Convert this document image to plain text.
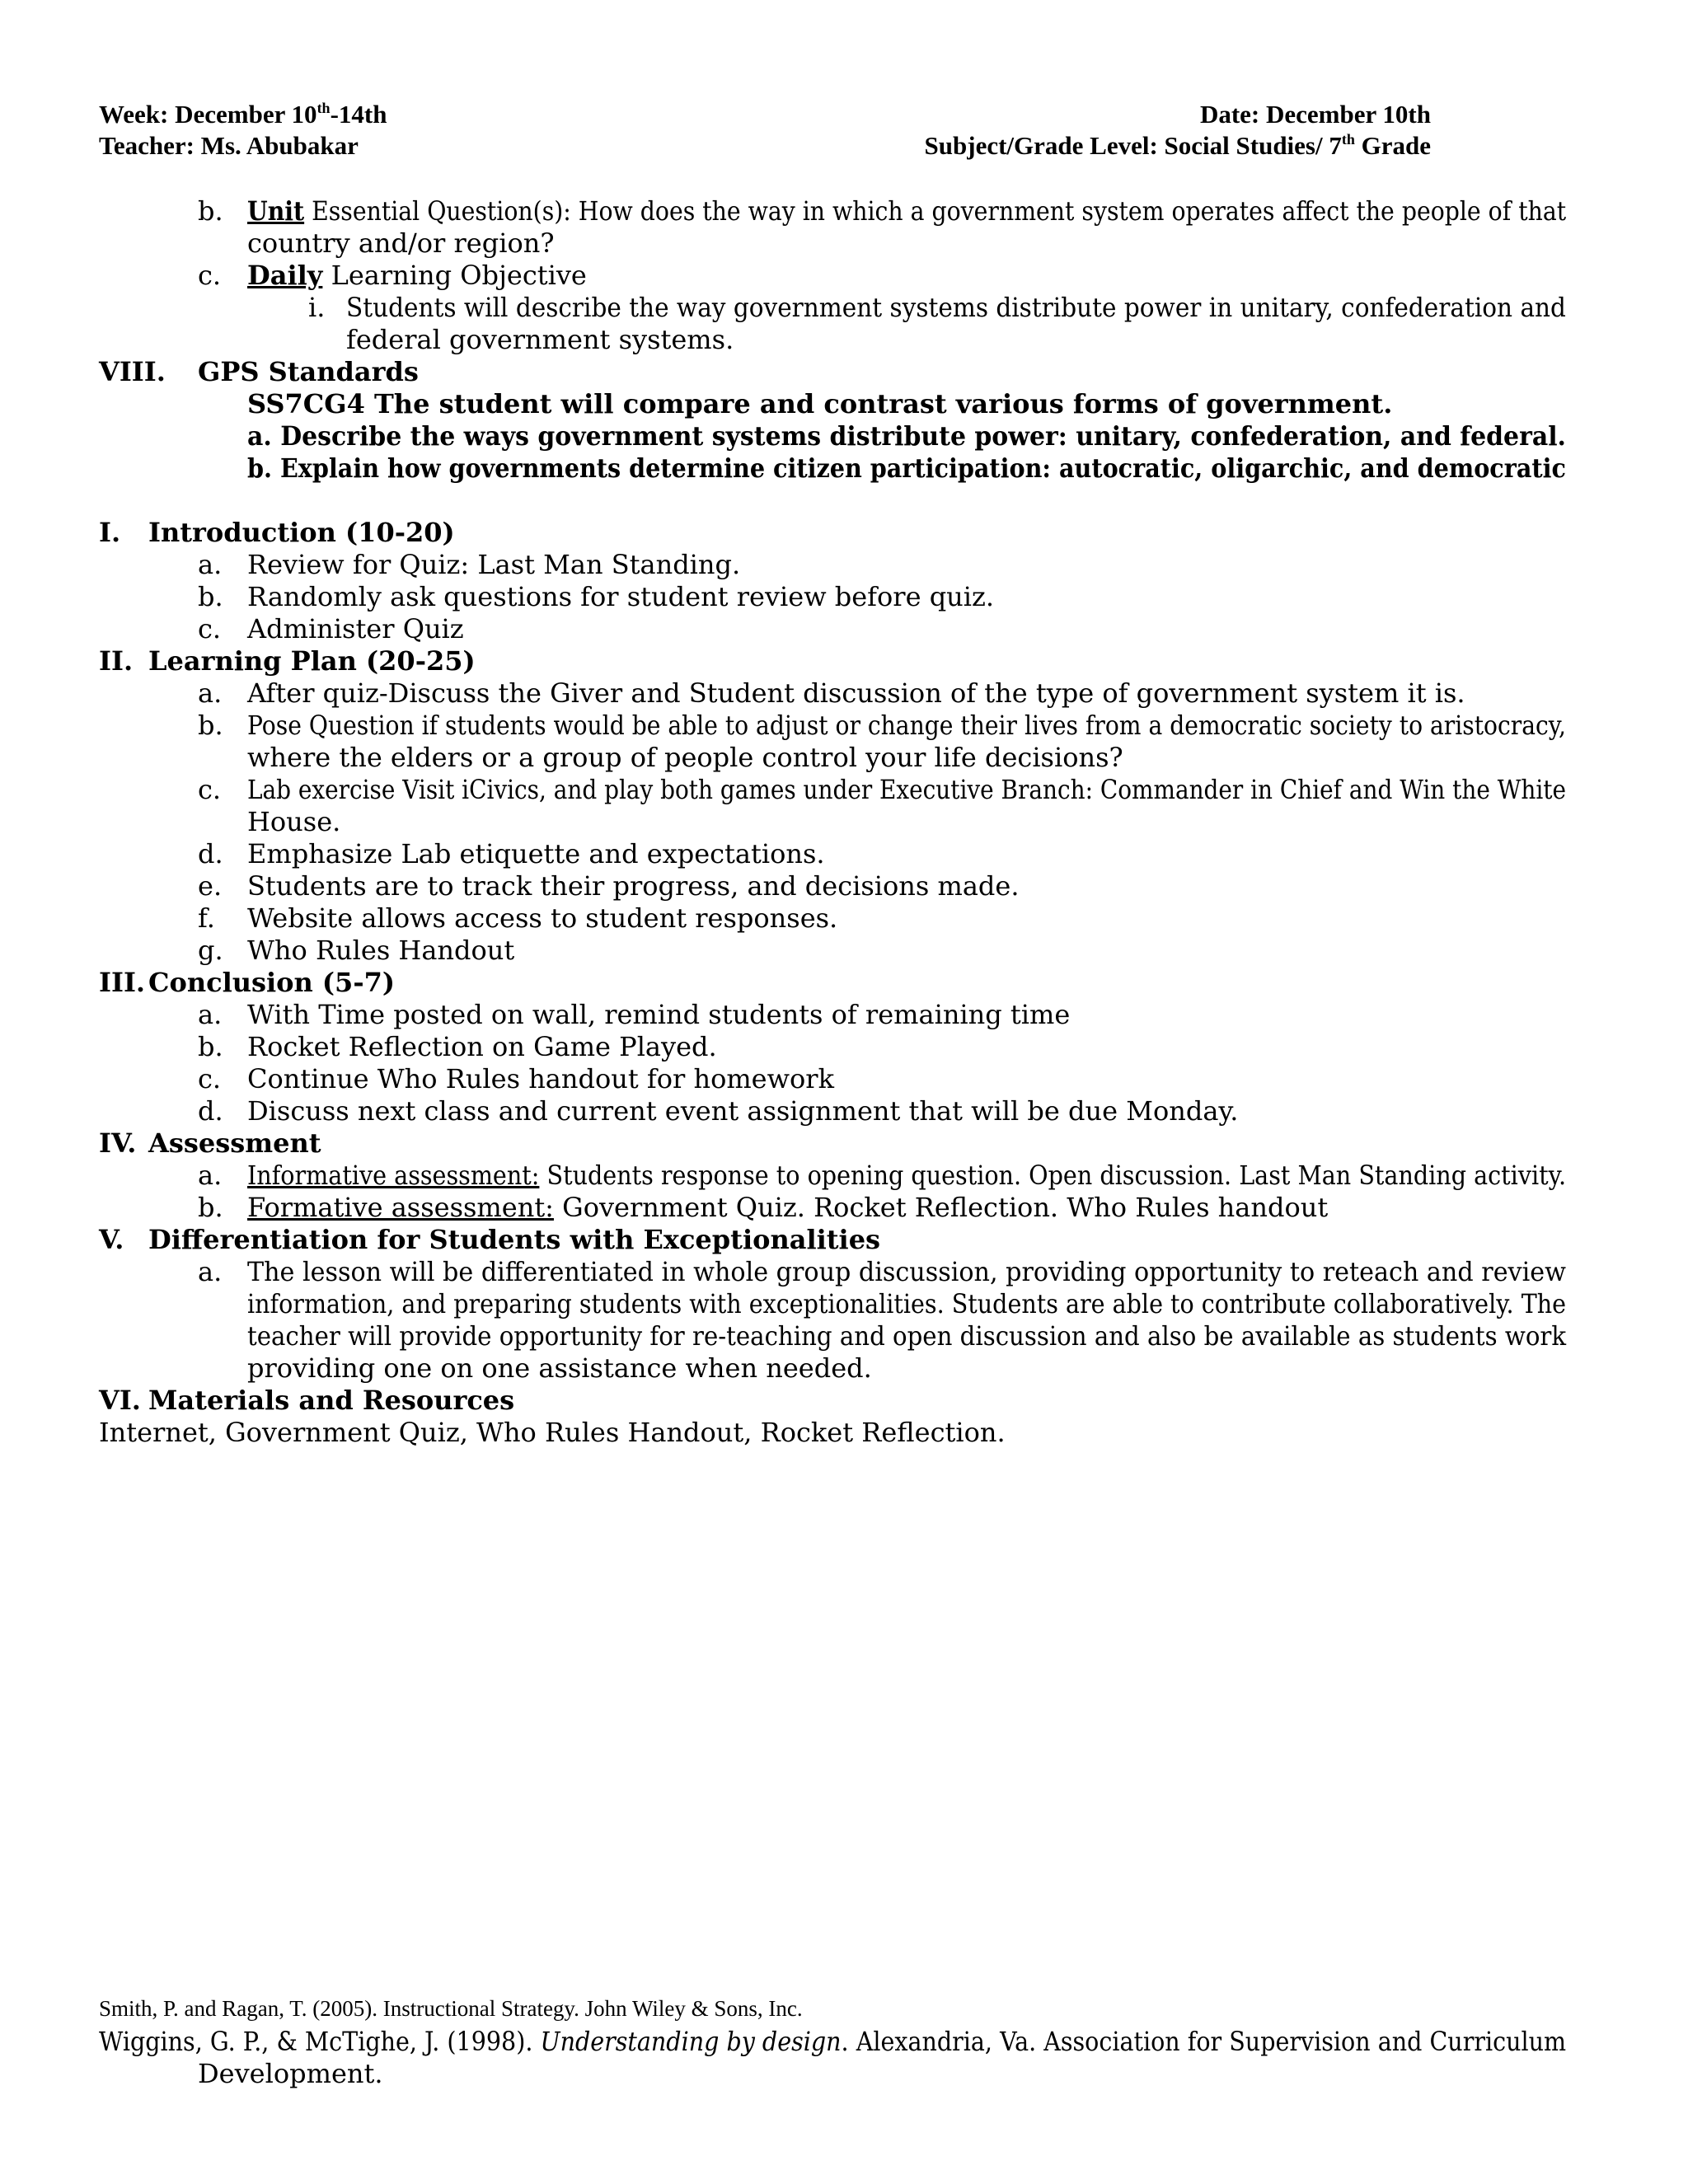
Week: December 10th-14th
Teacher: Ms. Abubakar
Date: December 10th
Subject/Grade Level: Social Studies/ 7th Grade
b. Unit Essential Question(s): How does the way in which a government system operates affect the people of that
country and/or region?
c. Daily Learning Objective
i. Students will describe the way government systems distribute power in unitary, confederation and
federal government systems.
VIII. GPS Standards
SS7CG4 The student will compare and contrast various forms of government.
a. Describe the ways government systems distribute power: unitary, confederation, and federal.
b. Explain how governments determine citizen participation: autocratic, oligarchic, and democratic
I. Introduction (10-20)
a. Review for Quiz: Last Man Standing.
b. Randomly ask questions for student review before quiz.
c. Administer Quiz
II. Learning Plan (20-25)
a. After quiz-Discuss the Giver and Student discussion of the type of government system it is.
b. Pose Question if students would be able to adjust or change their lives from a democratic society to aristocracy,
where the elders or a group of people control your life decisions?
c. Lab exercise Visit iCivics, and play both games under Executive Branch: Commander in Chief and Win the White
House.
d. Emphasize Lab etiquette and expectations.
e. Students are to track their progress, and decisions made.
f. Website allows access to student responses.
g. Who Rules Handout
III. Conclusion (5-7)
a. With Time posted on wall, remind students of remaining time
b. Rocket Reflection on Game Played.
c. Continue Who Rules handout for homework
d. Discuss next class and current event assignment that will be due Monday.
IV. Assessment
a. Informative assessment: Students response to opening question. Open discussion. Last Man Standing activity.
b. Formative assessment: Government Quiz. Rocket Reflection. Who Rules handout
V. Differentiation for Students with Exceptionalities
a. The lesson will be differentiated in whole group discussion, providing opportunity to reteach and review
information, and preparing students with exceptionalities. Students are able to contribute collaboratively. The
teacher will provide opportunity for re-teaching and open discussion and also be available as students work
providing one on one assistance when needed.
VI. Materials and Resources
Internet, Government Quiz, Who Rules Handout, Rocket Reflection.
Smith, P. and Ragan, T. (2005). Instructional Strategy. John Wiley & Sons, Inc.
Wiggins, G. P., & McTighe, J. (1998). Understanding by design. Alexandria, Va. Association for Supervision and Curriculum
Development.
